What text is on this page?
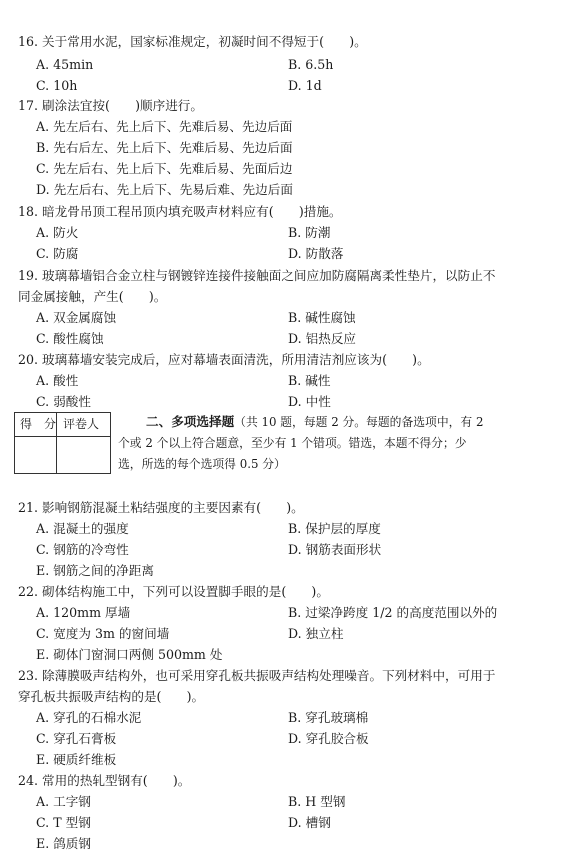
16. 关于常用水泥，国家标准规定，初凝时间不得短于(　　)。
A. 45min	B. 6.5h
C. 10h	D. 1d
17. 刷涂法宜按(　　)顺序进行。
A. 先左后右、先上后下、先难后易、先边后面
B. 先右后左、先上后下、先难后易、先边后面
C. 先左后右、先上后下、先难后易、先面后边
D. 先左后右、先上后下、先易后难、先边后面
18. 暗龙骨吊顶工程吊顶内填充吸声材料应有(　　)措施。
A. 防火	B. 防潮
C. 防腐	D. 防散落
19. 玻璃幕墙铝合金立柱与钢镀锌连接件接触面之间应加防腐隔离柔性垫片，以防止不
同金属接触，产生(　　)。
A. 双金属腐蚀	B. 碱性腐蚀
C. 酸性腐蚀	D. 铝热反应
20. 玻璃幕墙安装完成后，应对幕墙表面清洗，所用清洁剂应该为(　　)。
A. 酸性	B. 碱性
C. 弱酸性	D. 中性
得　分 评卷人	二、多项选择题（共 10 题，每题 2 分。每题的备选项中，有 2
个或 2 个以上符合题意，至少有 1 个错项。错选，本题不得分；少
选，所选的每个选项得 0.5 分）
21. 影响钢筋混凝土粘结强度的主要因素有(　　)。
A. 混凝土的强度	B. 保护层的厚度
C. 钢筋的冷弯性	D. 钢筋表面形状
E. 钢筋之间的净距离
22. 砌体结构施工中，下列可以设置脚手眼的是(　　)。
A. 120mm 厚墙	B. 过梁净跨度 1/2 的高度范围以外的
C. 宽度为 3m 的窗间墙	D. 独立柱
E. 砌体门窗洞口两侧 500mm 处
23. 除薄膜吸声结构外，也可采用穿孔板共振吸声结构处理噪音。下列材料中，可用于
穿孔板共振吸声结构的是(　　)。
A. 穿孔的石棉水泥	B. 穿孔玻璃棉
C. 穿孔石膏板	D. 穿孔胶合板
E. 硬质纤维板
24. 常用的热轧型钢有(　　)。
A. 工字钢	B. H 型钢
C. T 型钢	D. 槽钢
E. 鸽质钢
